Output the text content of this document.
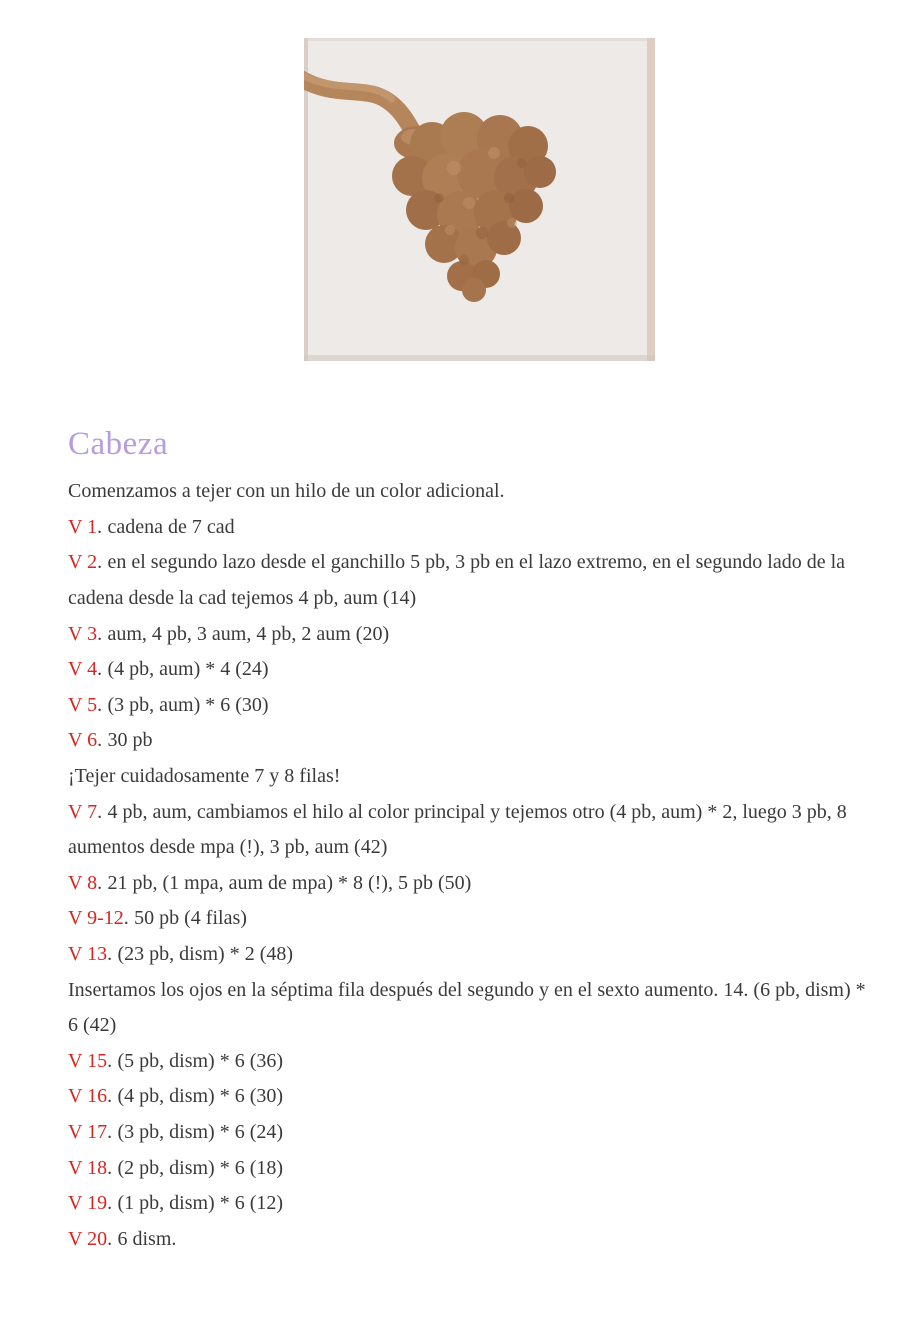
Cabeza

Comenzamos a tejer con un hilo de un color adicional.

V 1. cadena de 7 cad

V 2. en el segundo lazo desde el ganchillo 5 pb, 3 pb en el lazo extremo, en el segundo lado de la cadena desde la cad tejemos 4 pb, aum (14)

V 3. aum, 4 pb, 3 aum, 4 pb, 2 aum (20)

V 4. (4 pb, aum) * 4 (24)

V 5. (3 pb, aum) * 6 (30)

V 6. 30 pb

¡Tejer cuidadosamente 7 y 8 filas!

V 7. 4 pb, aum, cambiamos el hilo al color principal y tejemos otro (4 pb, aum) * 2, luego 3 pb, 8 aumentos desde mpa (!), 3 pb, aum (42)

V 8. 21 pb, (1 mpa, aum de mpa) * 8 (!), 5 pb (50)

V 9-12. 50 pb (4 filas)

V 13. (23 pb, dism) * 2 (48)

Insertamos los ojos en la séptima fila después del segundo y en el sexto aumento. 14. (6 pb, dism) * 6 (42)

V 15. (5 pb, dism) * 6 (36)

V 16. (4 pb, dism) * 6 (30)

V 17. (3 pb, dism) * 6 (24)

V 18. (2 pb, dism) * 6 (18)

V 19. (1 pb, dism) * 6 (12)

V 20. 6 dism.
